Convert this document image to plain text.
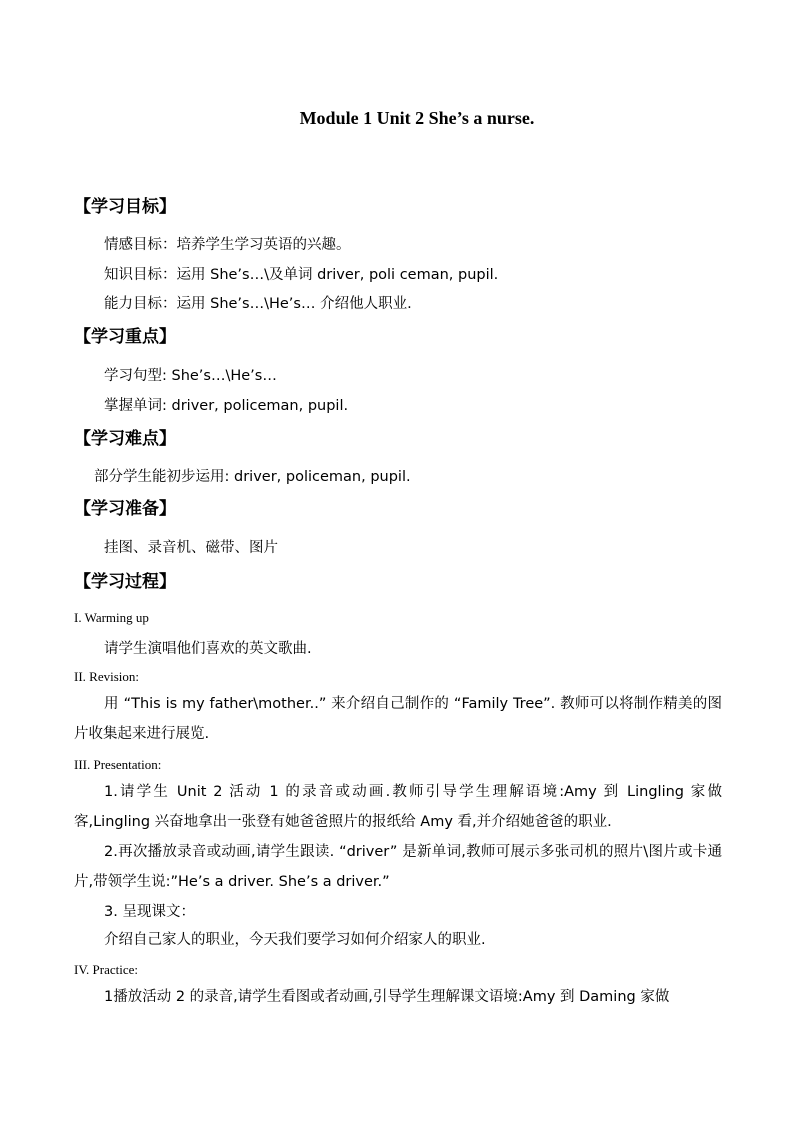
Module 1 Unit 2 She’s a nurse.
【学习目标】
情感目标：培养学生学习英语的兴趣。
知识目标：运用 She’s…\及单词 driver, poli ceman, pupil.
能力目标：运用 She’s…\He’s… 介绍他人职业.
【学习重点】
学习句型: She’s…\He’s…
掌握单词: driver, policeman, pupil.
【学习难点】
部分学生能初步运用: driver, policeman, pupil.
【学习准备】
挂图、录音机、磁带、图片
【学习过程】
I. Warming up
请学生演唱他们喜欢的英文歌曲.
II. Revision:
用 “This is my father\mother..” 来介绍自己制作的 “Family Tree”. 教师可以将制作精美的图片收集起来进行展览.
III. Presentation:
1.请学生 Unit 2 活动 1 的录音或动画.教师引导学生理解语境:Amy 到 Lingling 家做客,Lingling 兴奋地拿出一张登有她爸爸照片的报纸给 Amy 看,并介绍她爸爸的职业.
2.再次播放录音或动画,请学生跟读. “driver” 是新单词,教师可展示多张司机的照片\图片或卡通片,带领学生说:”He’s a driver. She’s a driver.”
3. 呈现课文：
介绍自己家人的职业，今天我们要学习如何介绍家人的职业.
IV. Practice:
1播放活动 2 的录音,请学生看图或者动画,引导学生理解课文语境:Amy 到 Daming 家做
